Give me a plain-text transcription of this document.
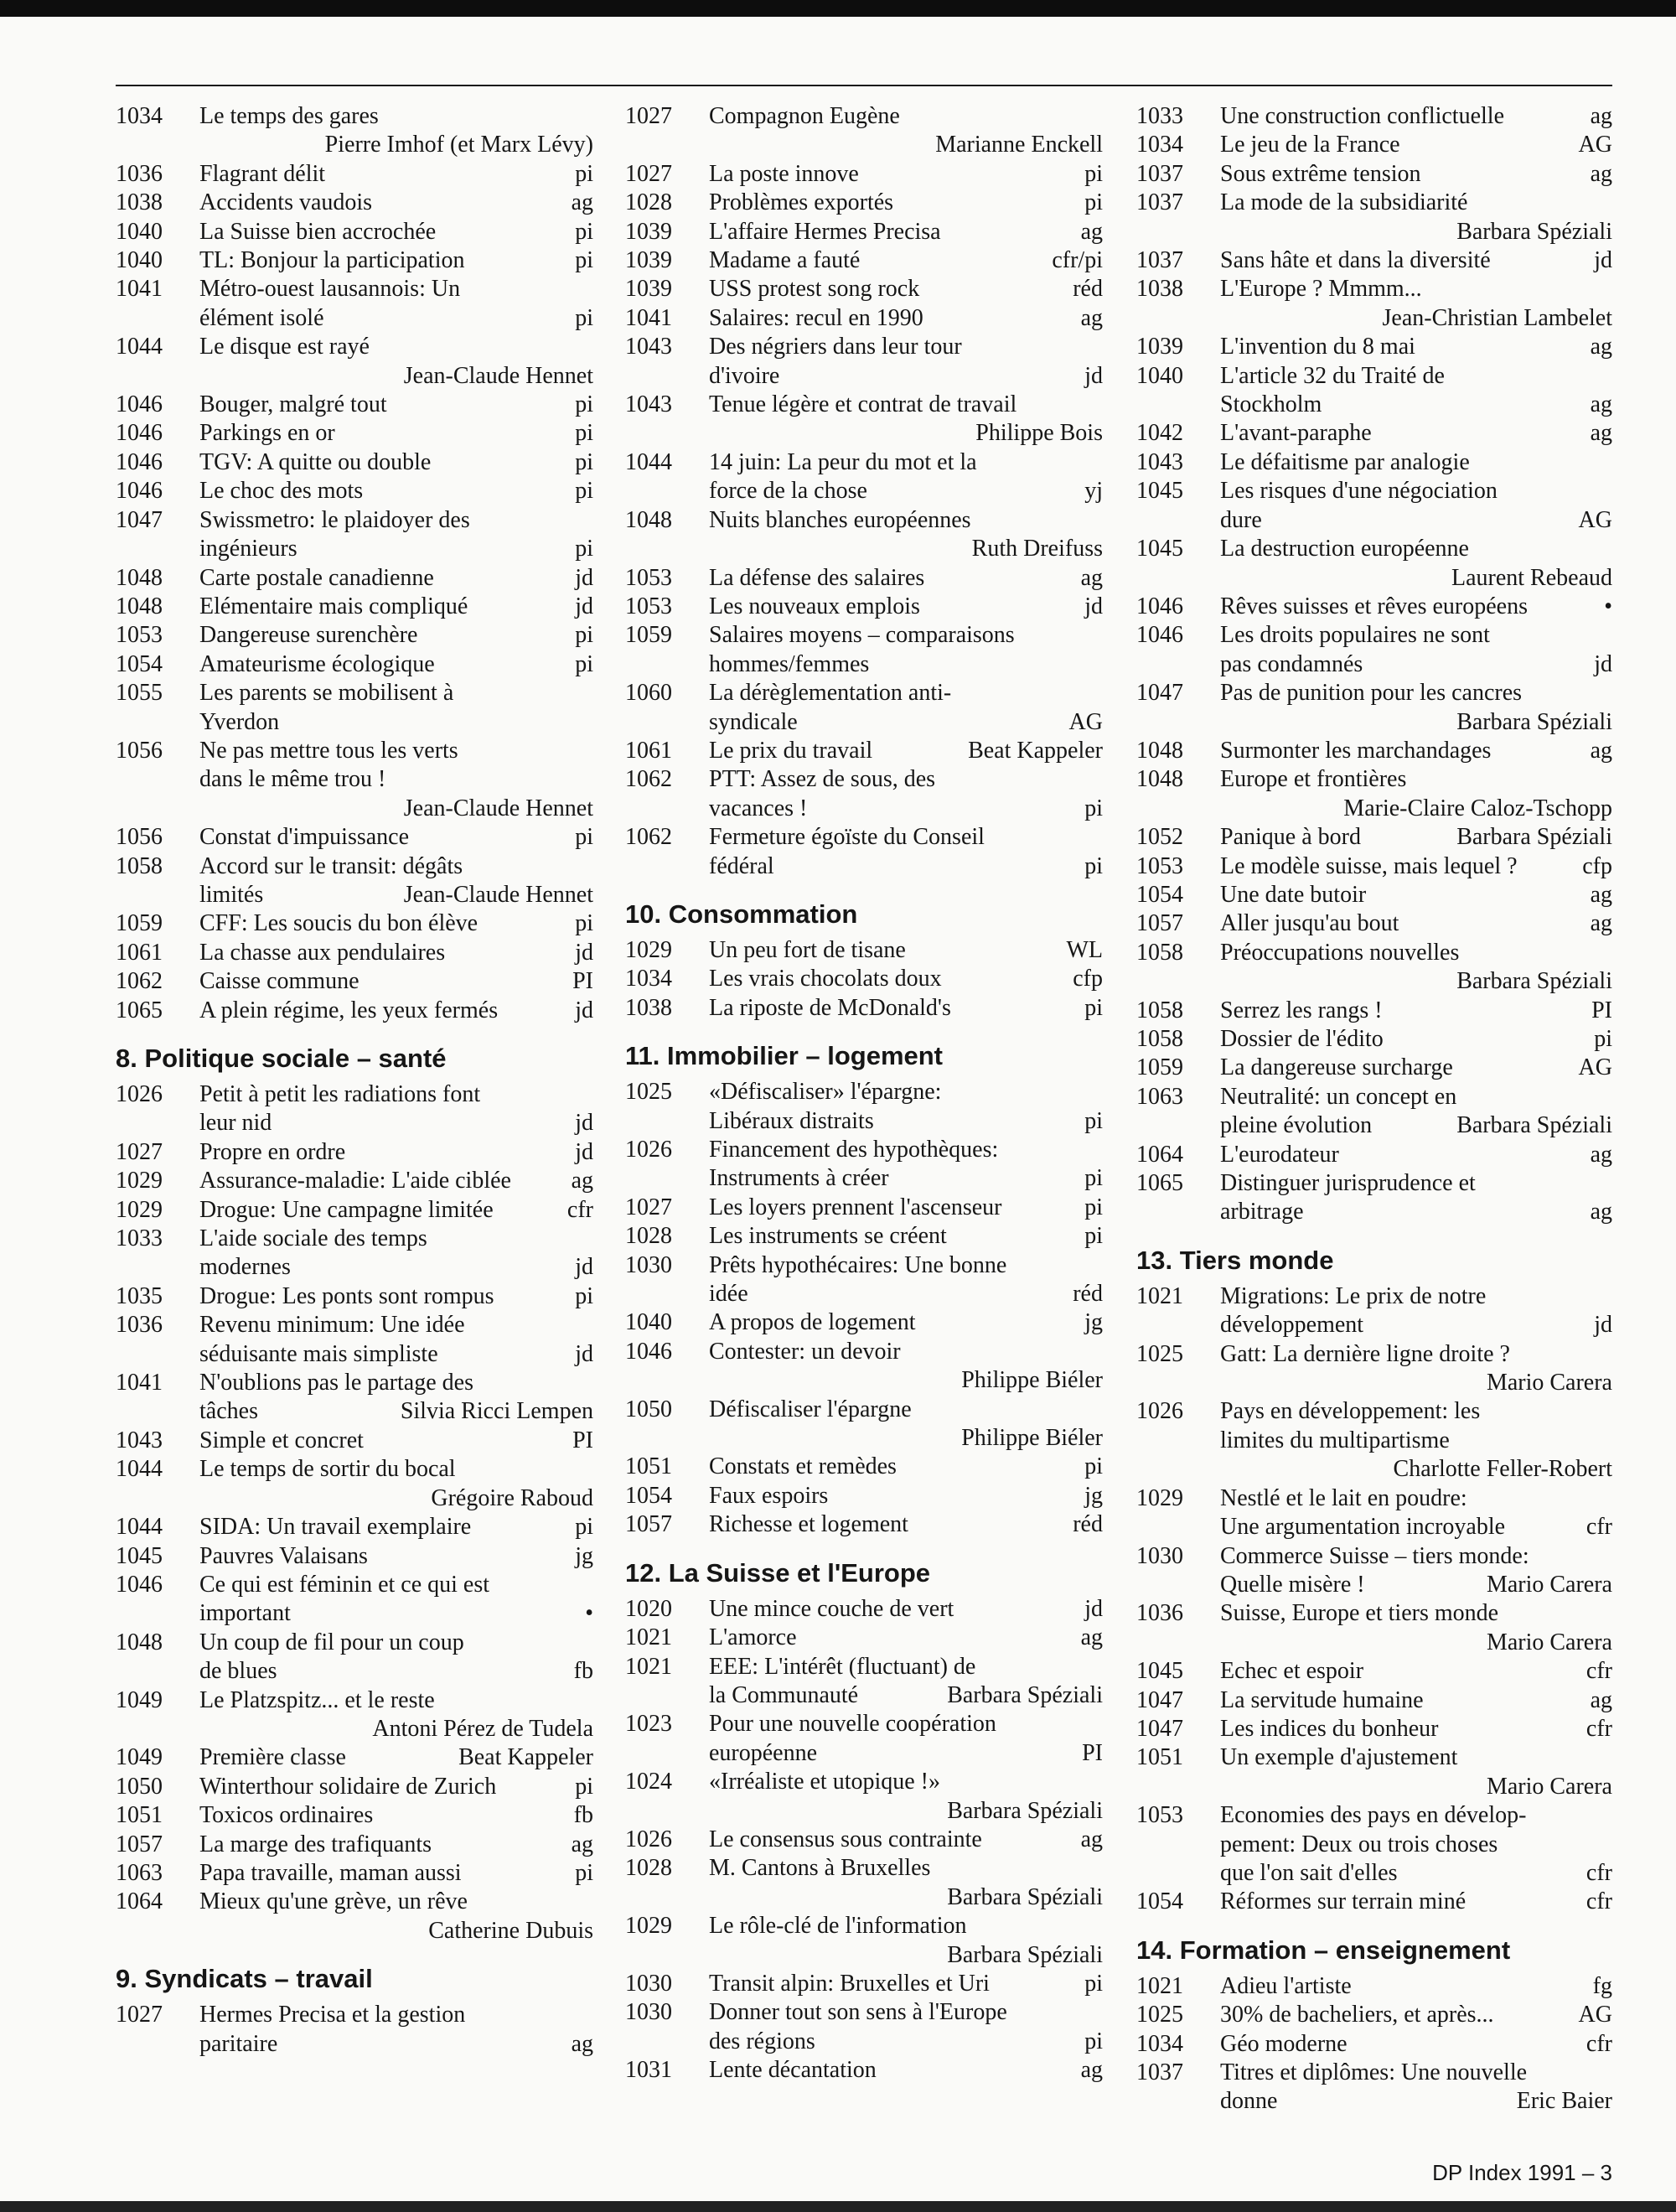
1034	Le temps des gares
Pierre Imhof (et Marx Lévy)
1036	Flagrant délit	pi
1038	Accidents vaudois	ag
1040	La Suisse bien accrochée	pi
1040	TL: Bonjour la participation	pi
1041	Métro-ouest lausannois: Un
élément isolé	pi
1044	Le disque est rayé
Jean-Claude Hennet
1046	Bouger, malgré tout	pi
1046	Parkings en or	pi
1046	TGV: A quitte ou double	pi
1046	Le choc des mots	pi
1047	Swissmetro: le plaidoyer des
ingénieurs	pi
1048	Carte postale canadienne	jd
1048	Elémentaire mais compliqué	jd
1053	Dangereuse surenchère	pi
1054	Amateurisme écologique	pi
1055	Les parents se mobilisent à
Yverdon
1056	Ne pas mettre tous les verts
dans le même trou !
Jean-Claude Hennet
1056	Constat d'impuissance	pi
1058	Accord sur le transit: dégâts
limités	Jean-Claude Hennet
1059	CFF: Les soucis du bon élève	pi
1061	La chasse aux pendulaires	jd
1062	Caisse commune	PI
1065	A plein régime, les yeux fermés	jd
8. Politique sociale – santé
1026	Petit à petit les radiations font
leur nid	jd
1027	Propre en ordre	jd
1029	Assurance-maladie: L'aide ciblée	ag
1029	Drogue: Une campagne limitée	cfr
1033	L'aide sociale des temps
modernes	jd
1035	Drogue: Les ponts sont rompus	pi
1036	Revenu minimum: Une idée
séduisante mais simpliste	jd
1041	N'oublions pas le partage des
tâches	Silvia Ricci Lempen
1043	Simple et concret	PI
1044	Le temps de sortir du bocal
Grégoire Raboud
1044	SIDA: Un travail exemplaire	pi
1045	Pauvres Valaisans	jg
1046	Ce qui est féminin et ce qui est
important	•
1048	Un coup de fil pour un coup
de blues	fb
1049	Le Platzspitz... et le reste
Antoni Pérez de Tudela
1049	Première classe	Beat Kappeler
1050	Winterthour solidaire de Zurich	pi
1051	Toxicos ordinaires	fb
1057	La marge des trafiquants	ag
1063	Papa travaille, maman aussi	pi
1064	Mieux qu'une grève, un rêve
Catherine Dubuis
9. Syndicats – travail
1027	Hermes Precisa et la gestion
paritaire	ag
1027	Compagnon Eugène
Marianne Enckell
1027	La poste innove	pi
1028	Problèmes exportés	pi
1039	L'affaire Hermes Precisa	ag
1039	Madame a fauté	cfr/pi
1039	USS protest song rock	réd
1041	Salaires: recul en 1990	ag
1043	Des négriers dans leur tour
d'ivoire	jd
1043	Tenue légère et contrat de travail
Philippe Bois
1044	14 juin: La peur du mot et la
force de la chose	yj
1048	Nuits blanches européennes
Ruth Dreifuss
1053	La défense des salaires	ag
1053	Les nouveaux emplois	jd
1059	Salaires moyens – comparaisons
hommes/femmes
1060	La dérèglementation anti-
syndicale	AG
1061	Le prix du travail	Beat Kappeler
1062	PTT: Assez de sous, des
vacances !	pi
1062	Fermeture égoïste du Conseil
fédéral	pi
10. Consommation
1029	Un peu fort de tisane	WL
1034	Les vrais chocolats doux	cfp
1038	La riposte de McDonald's	pi
11. Immobilier – logement
1025	«Défiscaliser» l'épargne:
Libéraux distraits	pi
1026	Financement des hypothèques:
Instruments à créer	pi
1027	Les loyers prennent l'ascenseur	pi
1028	Les instruments se créent	pi
1030	Prêts hypothécaires: Une bonne
idée	réd
1040	A propos de logement	jg
1046	Contester: un devoir
Philippe Biéler
1050	Défiscaliser l'épargne
Philippe Biéler
1051	Constats et remèdes	pi
1054	Faux espoirs	jg
1057	Richesse et logement	réd
12. La Suisse et l'Europe
1020	Une mince couche de vert	jd
1021	L'amorce	ag
1021	EEE: L'intérêt (fluctuant) de
la Communauté	Barbara Spéziali
1023	Pour une nouvelle coopération
européenne	PI
1024	«Irréaliste et utopique !»
Barbara Spéziali
1026	Le consensus sous contrainte	ag
1028	M. Cantons à Bruxelles
Barbara Spéziali
1029	Le rôle-clé de l'information
Barbara Spéziali
1030	Transit alpin: Bruxelles et Uri	pi
1030	Donner tout son sens à l'Europe
des régions	pi
1031	Lente décantation	ag
1033	Une construction conflictuelle	ag
1034	Le jeu de la France	AG
1037	Sous extrême tension	ag
1037	La mode de la subsidiarité
Barbara Spéziali
1037	Sans hâte et dans la diversité	jd
1038	L'Europe ? Mmmm...
Jean-Christian Lambelet
1039	L'invention du 8 mai	ag
1040	L'article 32 du Traité de
Stockholm	ag
1042	L'avant-paraphe	ag
1043	Le défaitisme par analogie
1045	Les risques d'une négociation
dure	AG
1045	La destruction européenne
Laurent Rebeaud
1046	Rêves suisses et rêves européens	•
1046	Les droits populaires ne sont
pas condamnés	jd
1047	Pas de punition pour les cancres
Barbara Spéziali
1048	Surmonter les marchandages	ag
1048	Europe et frontières
Marie-Claire Caloz-Tschopp
1052	Panique à bord	Barbara Spéziali
1053	Le modèle suisse, mais lequel ?	cfp
1054	Une date butoir	ag
1057	Aller jusqu'au bout	ag
1058	Préoccupations nouvelles
Barbara Spéziali
1058	Serrez les rangs !	PI
1058	Dossier de l'édito	pi
1059	La dangereuse surcharge	AG
1063	Neutralité: un concept en
pleine évolution	Barbara Spéziali
1064	L'eurodateur	ag
1065	Distinguer jurisprudence et
arbitrage	ag
13. Tiers monde
1021	Migrations: Le prix de notre
développement	jd
1025	Gatt: La dernière ligne droite ?
Mario Carera
1026	Pays en développement: les
limites du multipartisme
Charlotte Feller-Robert
1029	Nestlé et le lait en poudre:
Une argumentation incroyable	cfr
1030	Commerce Suisse – tiers monde:
Quelle misère !	Mario Carera
1036	Suisse, Europe et tiers monde
Mario Carera
1045	Echec et espoir	cfr
1047	La servitude humaine	ag
1047	Les indices du bonheur	cfr
1051	Un exemple d'ajustement
Mario Carera
1053	Economies des pays en dévelop-
pement: Deux ou trois choses
que l'on sait d'elles	cfr
1054	Réformes sur terrain miné	cfr
14. Formation – enseignement
1021	Adieu l'artiste	fg
1025	30% de bacheliers, et après...	AG
1034	Géo moderne	cfr
1037	Titres et diplômes: Une nouvelle
donne	Eric Baier
DP Index 1991 – 3
